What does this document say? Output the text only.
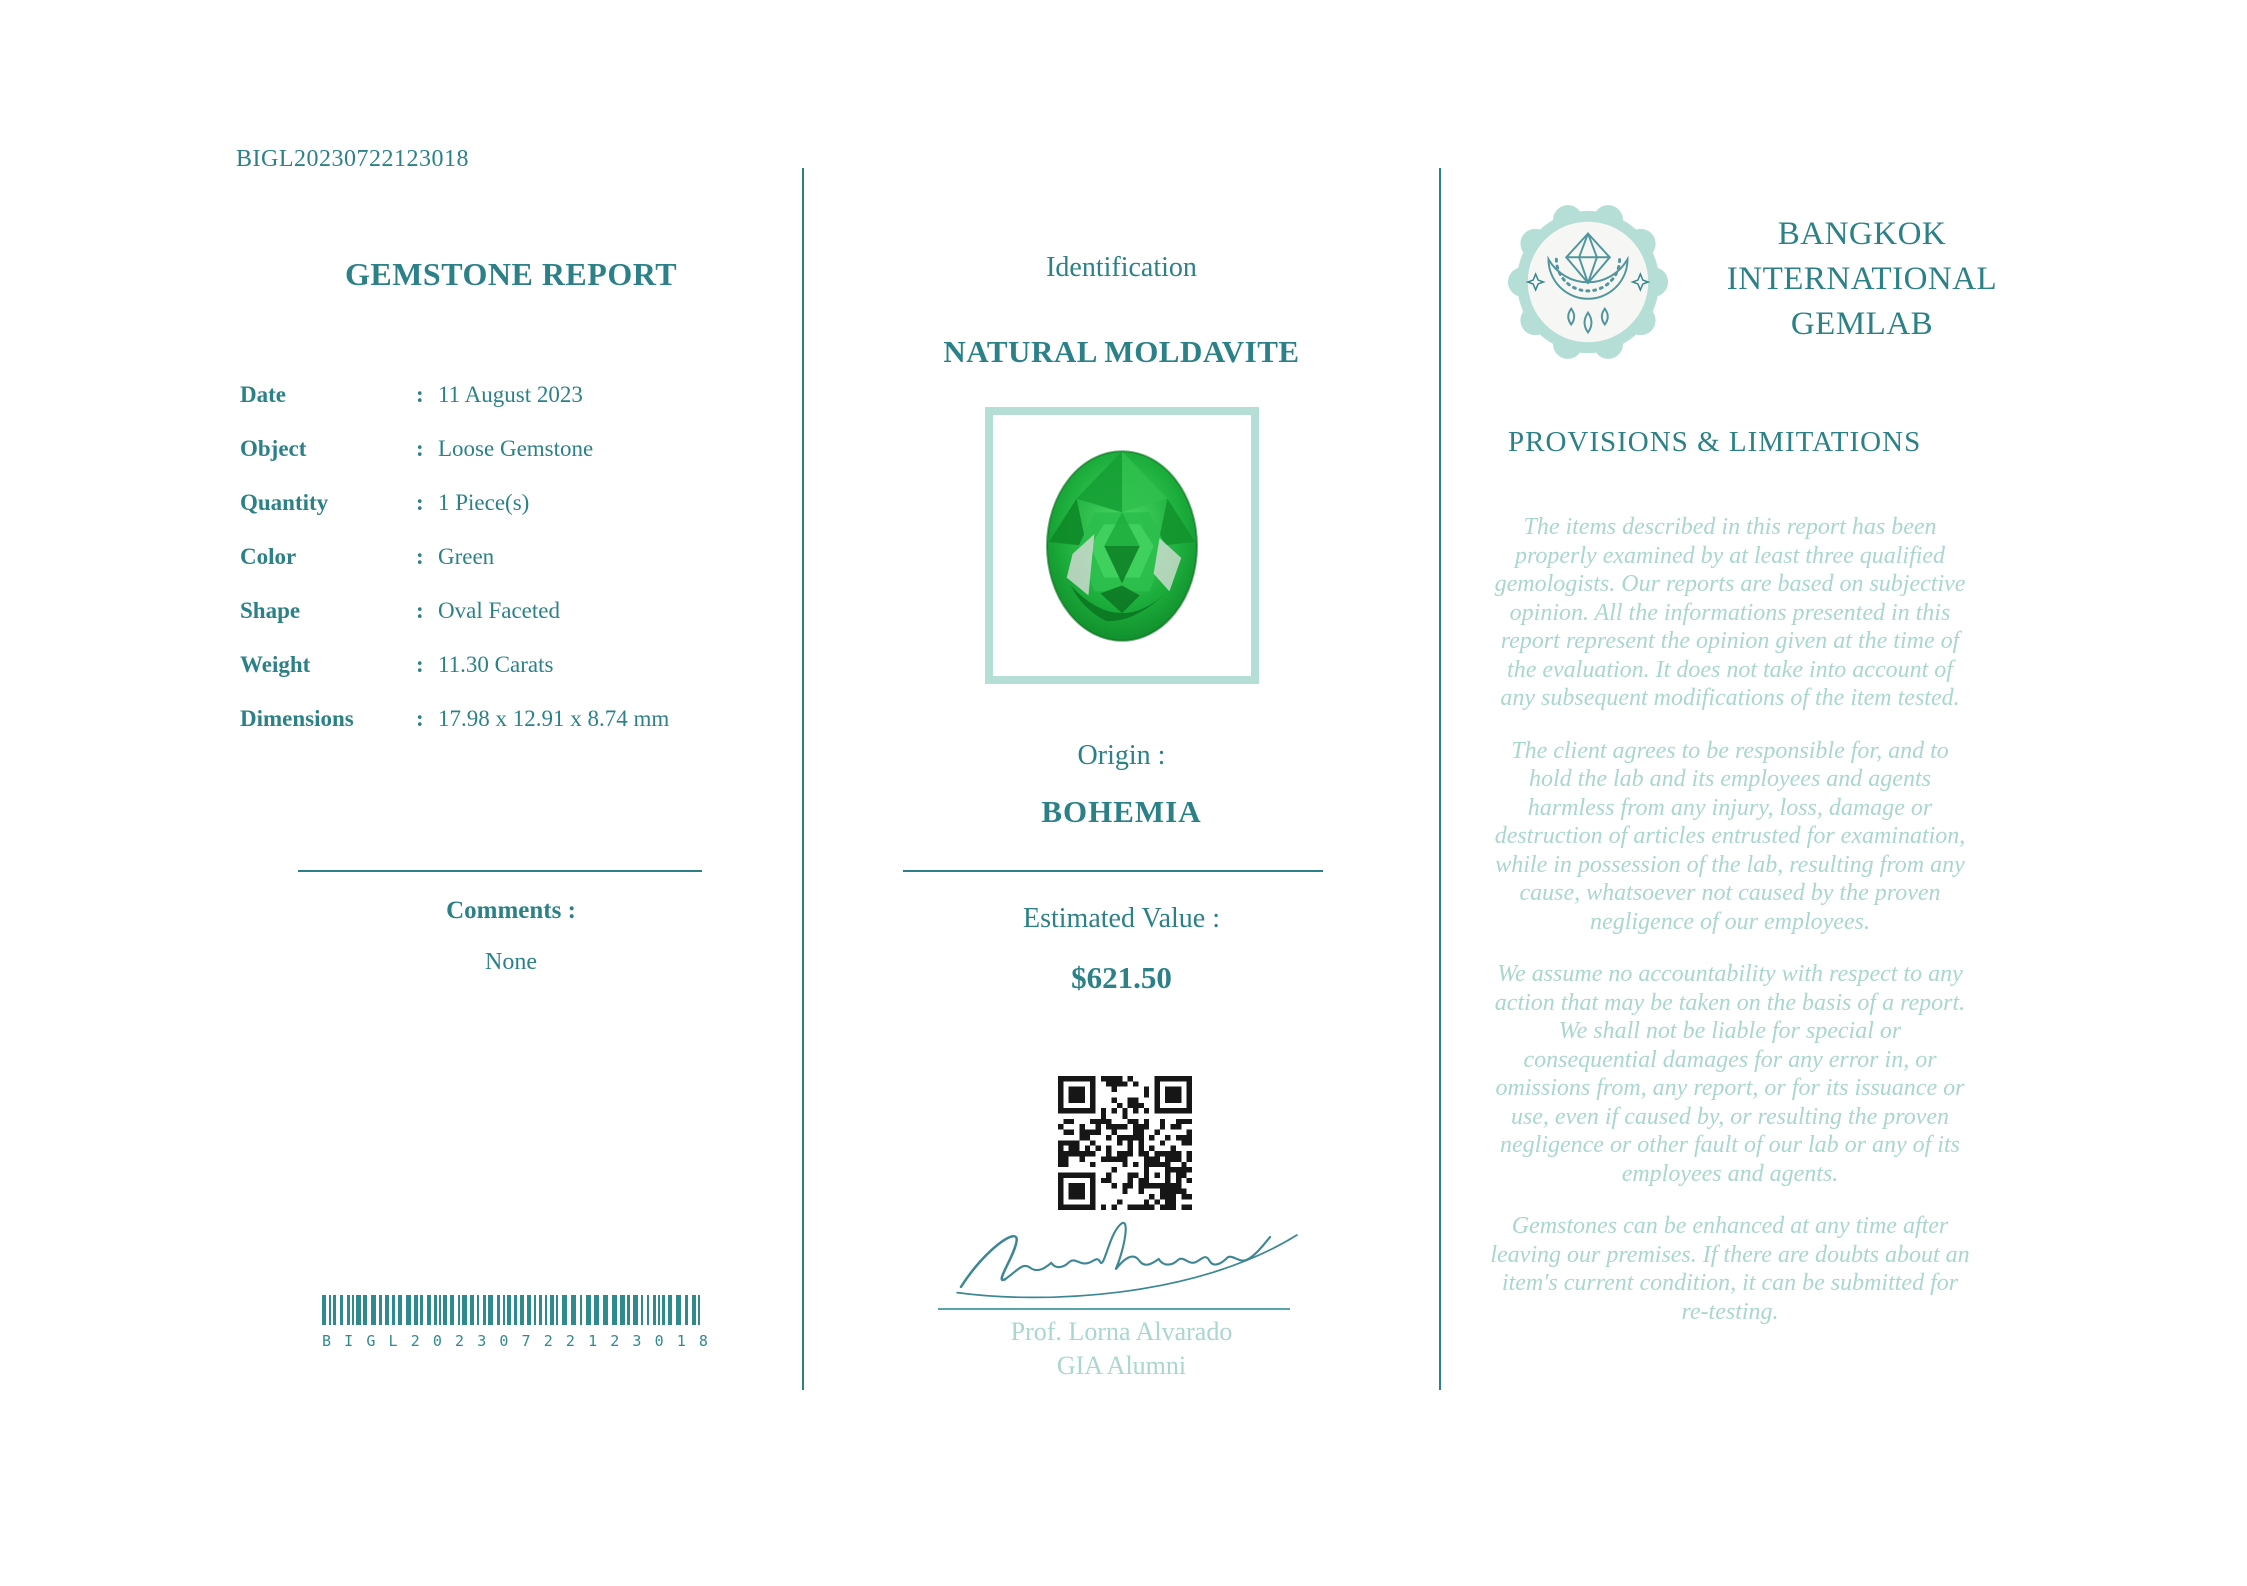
BIGL20230722123018
GEMSTONE REPORT
Date	: 11 August 2023
Object	: Loose Gemstone
Quantity	: 1 Piece(s)
Color	: Green
Shape	: Oval Faceted
Weight	: 11.30 Carats
Dimensions	: 17.98 x 12.91 x 8.74 mm
Comments :
None
B I G L 2 0 2 3 0 7 2 2 1 2 3 0 1 8
Identification
NATURAL MOLDAVITE
Origin :
BOHEMIA
Estimated Value :
$621.50
Prof. Lorna Alvarado
GIA Alumni
BANGKOK
INTERNATIONAL
GEMLAB
PROVISIONS & LIMITATIONS

The items described in this report has been properly examined by at least three qualified gemologists. Our reports are based on subjective opinion. All the informations presented in this report represent the opinion given at the time of the evaluation. It does not take into account of any subsequent modifications of the item tested.

The client agrees to be responsible for, and to hold the lab and its employees and agents harmless from any injury, loss, damage or destruction of articles entrusted for examination, while in possession of the lab, resulting from any cause, whatsoever not caused by the proven negligence of our employees.

We assume no accountability with respect to any action that may be taken on the basis of a report. We shall not be liable for special or consequential damages for any error in, or omissions from, any report, or for its issuance or use, even if caused by, or resulting the proven negligence or other fault of our lab or any of its employees and agents.

Gemstones can be enhanced at any time after leaving our premises. If there are doubts about an item's current condition, it can be submitted for re-testing.
